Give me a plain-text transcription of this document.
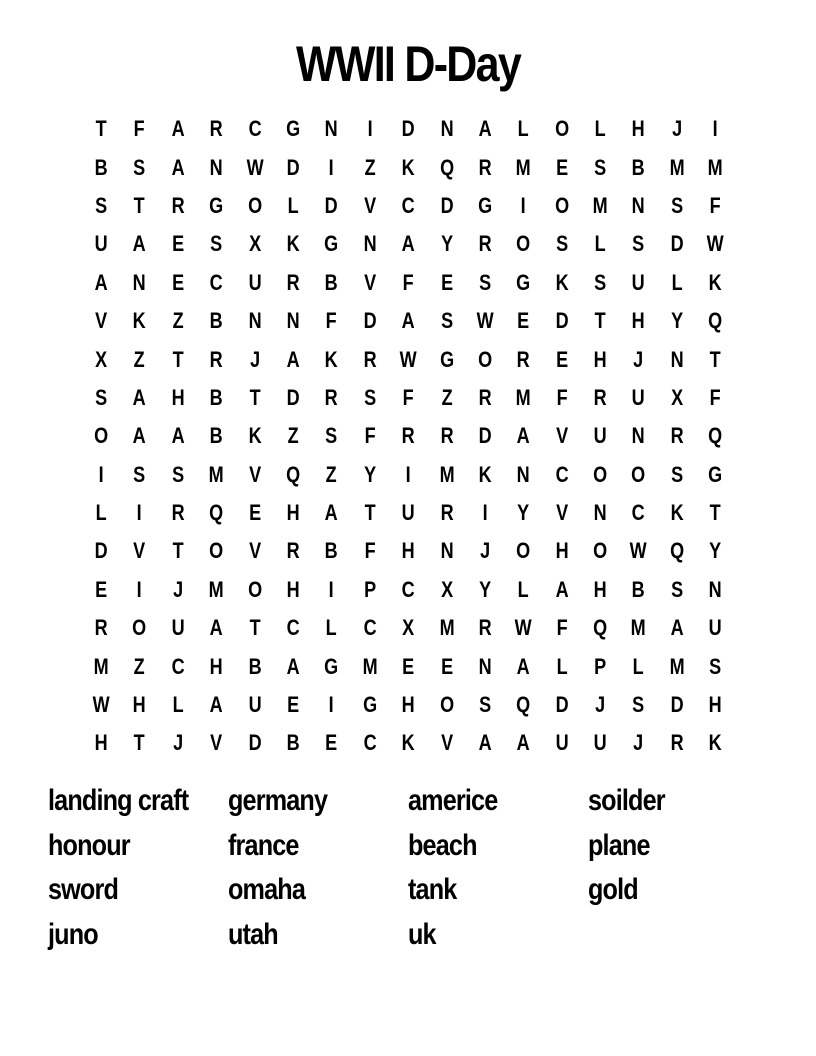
WWII D-Day
T	F	A	R	C	G	N	I	D	N	A	L	O	L	H	J	I
B	S	A	N	W	D	I	Z	K	Q	R	M	E	S	B	M	M
S	T	R	G	O	L	D	V	C	D	G	I	O	M	N	S	F
U	A	E	S	X	K	G	N	A	Y	R	O	S	L	S	D	W
A	N	E	C	U	R	B	V	F	E	S	G	K	S	U	L	K
V	K	Z	B	N	N	F	D	A	S	W	E	D	T	H	Y	Q
X	Z	T	R	J	A	K	R	W	G	O	R	E	H	J	N	T
S	A	H	B	T	D	R	S	F	Z	R	M	F	R	U	X	F
O	A	A	B	K	Z	S	F	R	R	D	A	V	U	N	R	Q
I	S	S	M	V	Q	Z	Y	I	M	K	N	C	O	O	S	G
L	I	R	Q	E	H	A	T	U	R	I	Y	V	N	C	K	T
D	V	T	O	V	R	B	F	H	N	J	O	H	O	W	Q	Y
E	I	J	M	O	H	I	P	C	X	Y	L	A	H	B	S	N
R	O	U	A	T	C	L	C	X	M	R	W	F	Q	M	A	U
M	Z	C	H	B	A	G	M	E	E	N	A	L	P	L	M	S
W	H	L	A	U	E	I	G	H	O	S	Q	D	J	S	D	H
H	T	J	V	D	B	E	C	K	V	A	A	U	U	J	R	K
landing craft	germany	americe	soilder
honour	france	beach	plane
sword	omaha	tank	gold
juno	utah	uk
